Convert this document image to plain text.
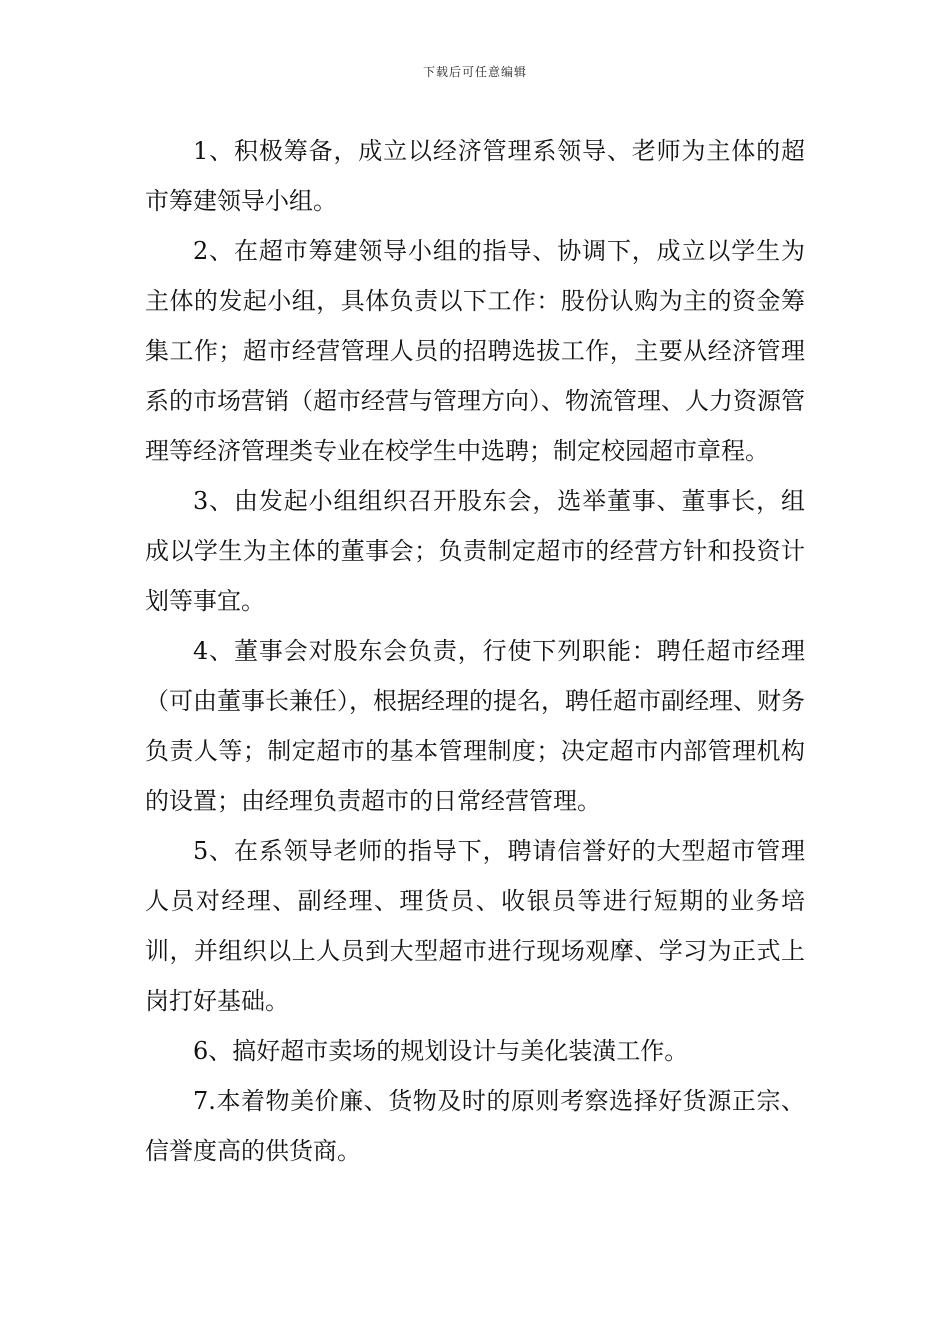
下载后可任意编辑

1、积极筹备，成立以经济管理系领导、老师为主体的超市筹建领导小组。

2、在超市筹建领导小组的指导、协调下，成立以学生为主体的发起小组，具体负责以下工作：股份认购为主的资金筹集工作；超市经营管理人员的招聘选拔工作，主要从经济管理系的市场营销（超市经营与管理方向）、物流管理、人力资源管理等经济管理类专业在校学生中选聘；制定校园超市章程。

3、由发起小组组织召开股东会，选举董事、董事长，组成以学生为主体的董事会；负责制定超市的经营方针和投资计划等事宜。

4、董事会对股东会负责，行使下列职能：聘任超市经理（可由董事长兼任），根据经理的提名，聘任超市副经理、财务负责人等；制定超市的基本管理制度；决定超市内部管理机构的设置；由经理负责超市的日常经营管理。

5、在系领导老师的指导下，聘请信誉好的大型超市管理人员对经理、副经理、理货员、收银员等进行短期的业务培训，并组织以上人员到大型超市进行现场观摩、学习为正式上岗打好基础。

6、搞好超市卖场的规划设计与美化装潢工作。

7.本着物美价廉、货物及时的原则考察选择好货源正宗、信誉度高的供货商。
